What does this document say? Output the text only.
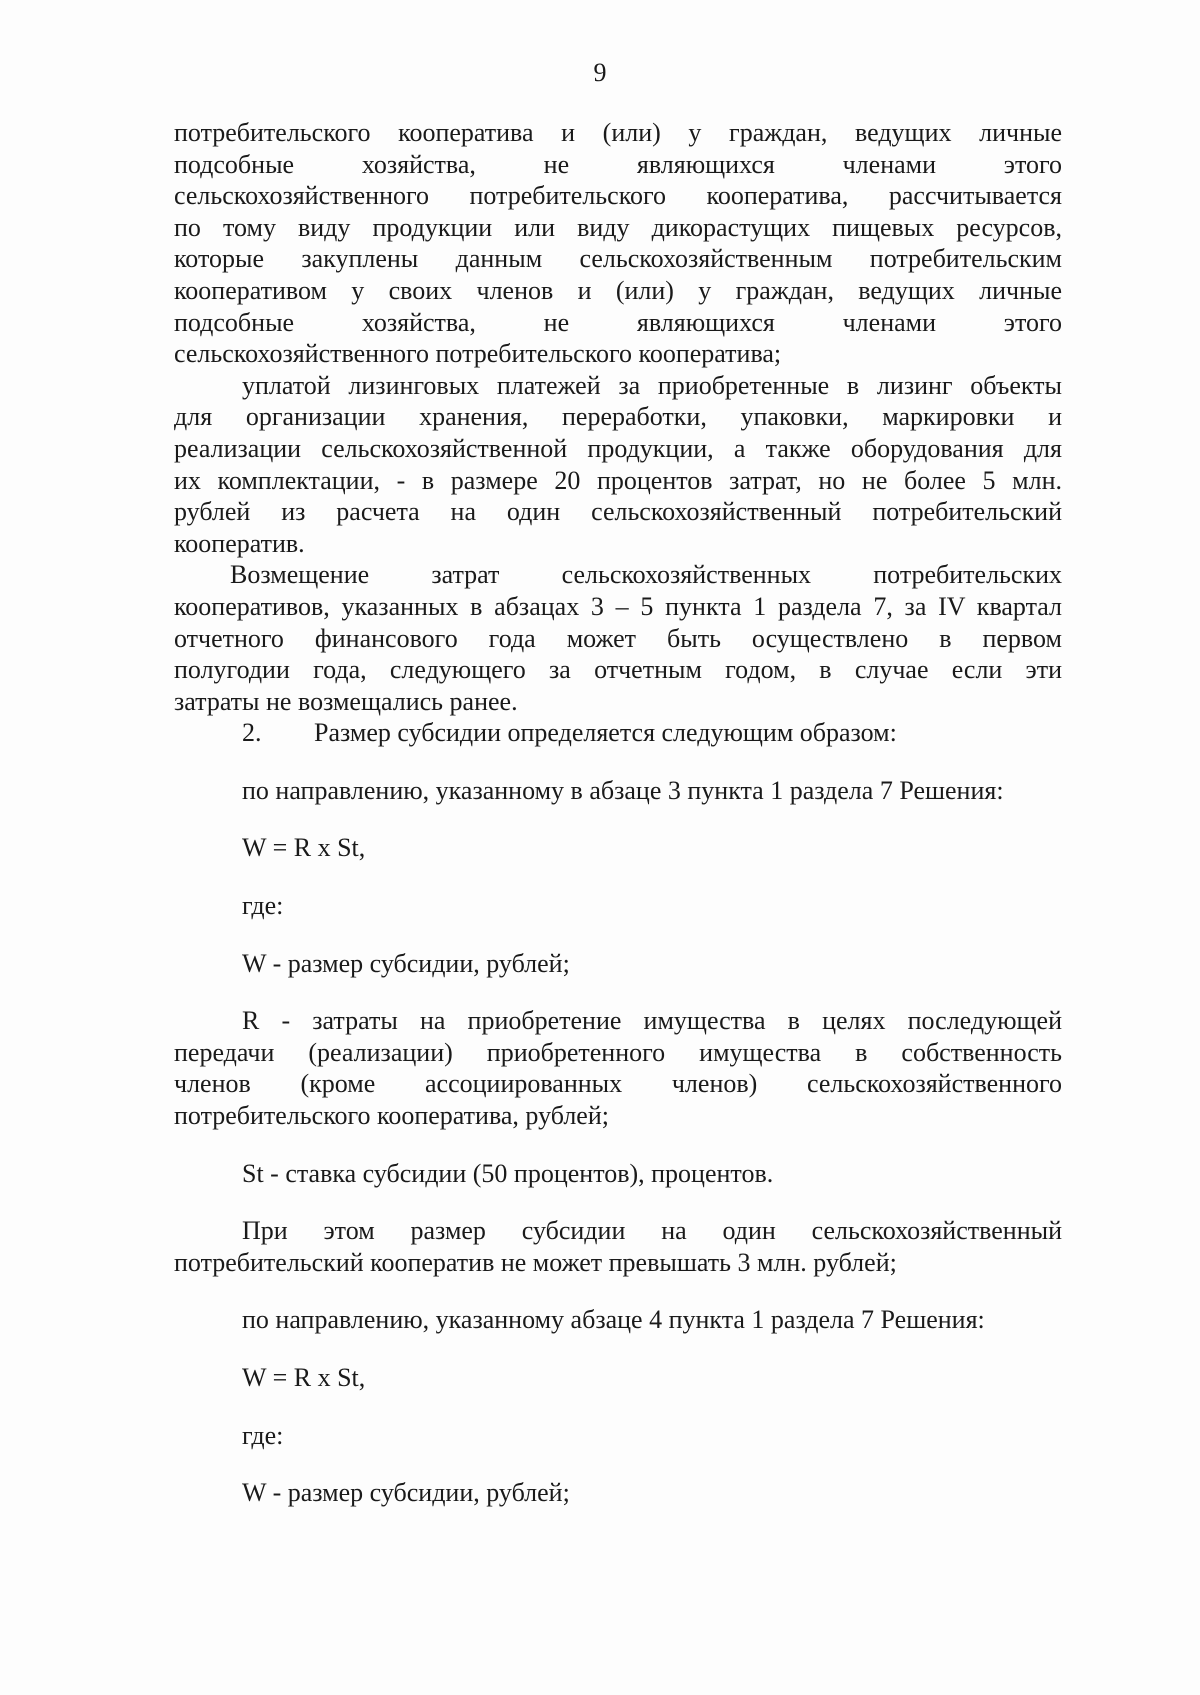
9

потребительского кооператива и (или) у граждан, ведущих личные
подсобные хозяйства, не являющихся членами этого
сельскохозяйственного потребительского кооператива, рассчитывается
по тому виду продукции или виду дикорастущих пищевых ресурсов,
которые закуплены данным сельскохозяйственным потребительским
кооперативом у своих членов и (или) у граждан, ведущих личные
подсобные хозяйства, не являющихся членами этого
сельскохозяйственного потребительского кооператива;

уплатой лизинговых платежей за приобретенные в лизинг объекты
для организации хранения, переработки, упаковки, маркировки и
реализации сельскохозяйственной продукции, а также оборудования для
их комплектации, - в размере 20 процентов затрат, но не более 5 млн.
рублей из расчета на один сельскохозяйственный потребительский
кооператив.

Возмещение затрат сельскохозяйственных потребительских
кооперативов, указанных в абзацах 3 – 5 пункта 1 раздела 7, за IV квартал
отчетного финансового года может быть осуществлено в первом
полугодии года, следующего за отчетным годом, в случае если эти
затраты не возмещались ранее.

2. Размер субсидии определяется следующим образом:

по направлению, указанному в абзаце 3 пункта 1 раздела 7 Решения:

W = R x St,

где:

W - размер субсидии, рублей;

R - затраты на приобретение имущества в целях последующей
передачи (реализации) приобретенного имущества в собственность
членов (кроме ассоциированных членов) сельскохозяйственного
потребительского кооператива, рублей;

St - ставка субсидии (50 процентов), процентов.

При этом размер субсидии на один сельскохозяйственный
потребительский кооператив не может превышать 3 млн. рублей;

по направлению, указанному абзаце 4 пункта 1 раздела 7 Решения:

W = R x St,

где:

W - размер субсидии, рублей;
